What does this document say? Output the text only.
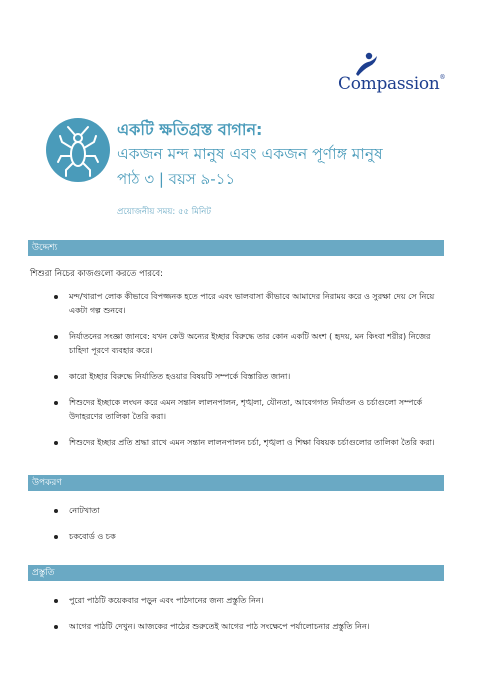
Compassion®
একটি ক্ষতিগ্রস্ত বাগান:
একজন মন্দ মানুষ এবং একজন পূর্ণাঙ্গ মানুষ
পাঠ ৩ | বয়স ৯-১১
প্রয়োজনীয় সময়: ৫৫ মিনিট
উদ্দেশ্য
শিশুরা নিচের কাজগুলো করতে পারবে:
মন্দ/খারাপ লোক কীভাবে বিপজ্জনক হতে পারে এবং ভালবাসা কীভাবে আমাদের নিরাময় করে ও সুরক্ষা দেয় সে নিয়ে একটা গল্প শুনবে।
নির্যাতনের সংজ্ঞা জানবে: যখন কেউ অন্যের ইচ্ছার বিরুদ্ধে তার কোন একটি অংশ ( হৃদয়, মন কিংবা শরীর) নিজের চাহিদা পূরণে ব্যবহার করে।
কারো ইচ্ছার বিরুদ্ধে নির্যাতিত হওয়ার বিষয়টি সম্পর্কে বিস্তারিত জানা।
শিশুদের ইচ্ছাকে লংঘন করে এমন সন্তান লালনপালন, শৃঙ্খলা, যৌনতা, আবেগগত নির্যাতন ও চর্চাগুলো সম্পর্কে উদাহরণের তালিকা তৈরি করা।
শিশুদের ইচ্ছার প্রতি শ্রদ্ধা রাখে এমন সন্তান লালনপালন চর্চা, শৃঙ্খলা ও শিক্ষা বিষয়ক চর্চাগুলোর তালিকা তৈরি করা।
উপকরণ
নোটখাতা
চকবোর্ড ও চক
প্রস্তুতি
পুরো পাঠটি কয়েকবার পড়ুন এবং পাঠদানের জন্য প্রস্তুতি নিন।
আগের পাঠটি দেখুন। আজকের পাঠের শুরুতেই আগের পাঠ সংক্ষেপে পর্যালোচনার প্রস্তুতি নিন।
